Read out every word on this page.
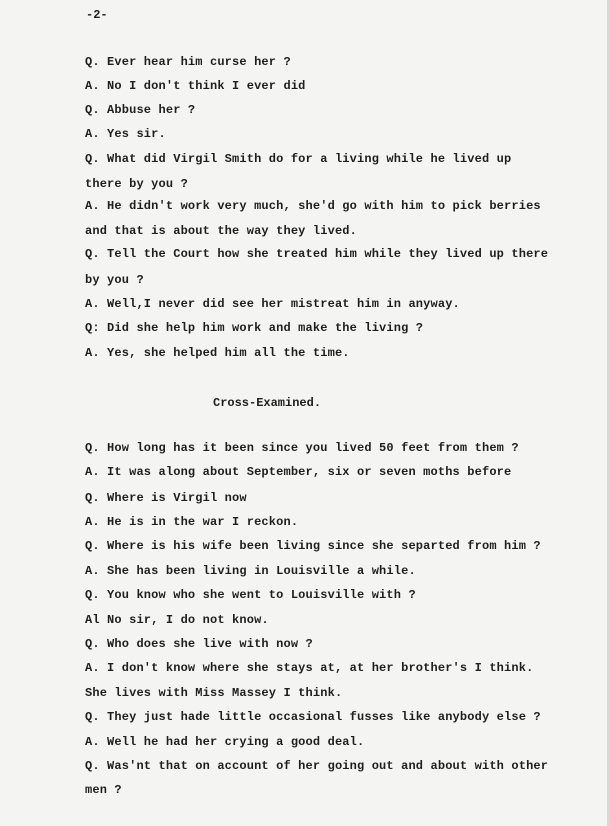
-2-
Q. Ever hear him curse her ?
A. No I don't think I ever did
Q. Abbuse her ?
A. Yes sir.
Q. What did Virgil Smith do for a living while he lived up
there by you ?
A. He didn't work very much, she'd go with him to pick berries
and that is about the way they lived.
Q. Tell the Court how she treated him while they lived up there
by you ?
A. Well,I never did see her mistreat him in anyway.
Q: Did she help him work and make the living ?
A. Yes, she helped him all the time.
Cross-Examined.
Q. How long has it been since you lived 50 feet from them ?
A. It was along about September, six or seven moths before
Q. Where is Virgil now
A. He is in the war I reckon.
Q. Where is his wife been living since she separted from him ?
A. She has been living in Louisville a while.
Q. You know who she went to Louisville with ?
Al No sir, I do not know.
Q. Who does she live with now ?
A. I don't know where she stays at, at her brother's I think.
She lives with Miss Massey I think.
Q. They just hade little occasional fusses like anybody else ?
A. Well he had her crying a good deal.
Q. Was'nt that on account of her going out and about with other
men ?
